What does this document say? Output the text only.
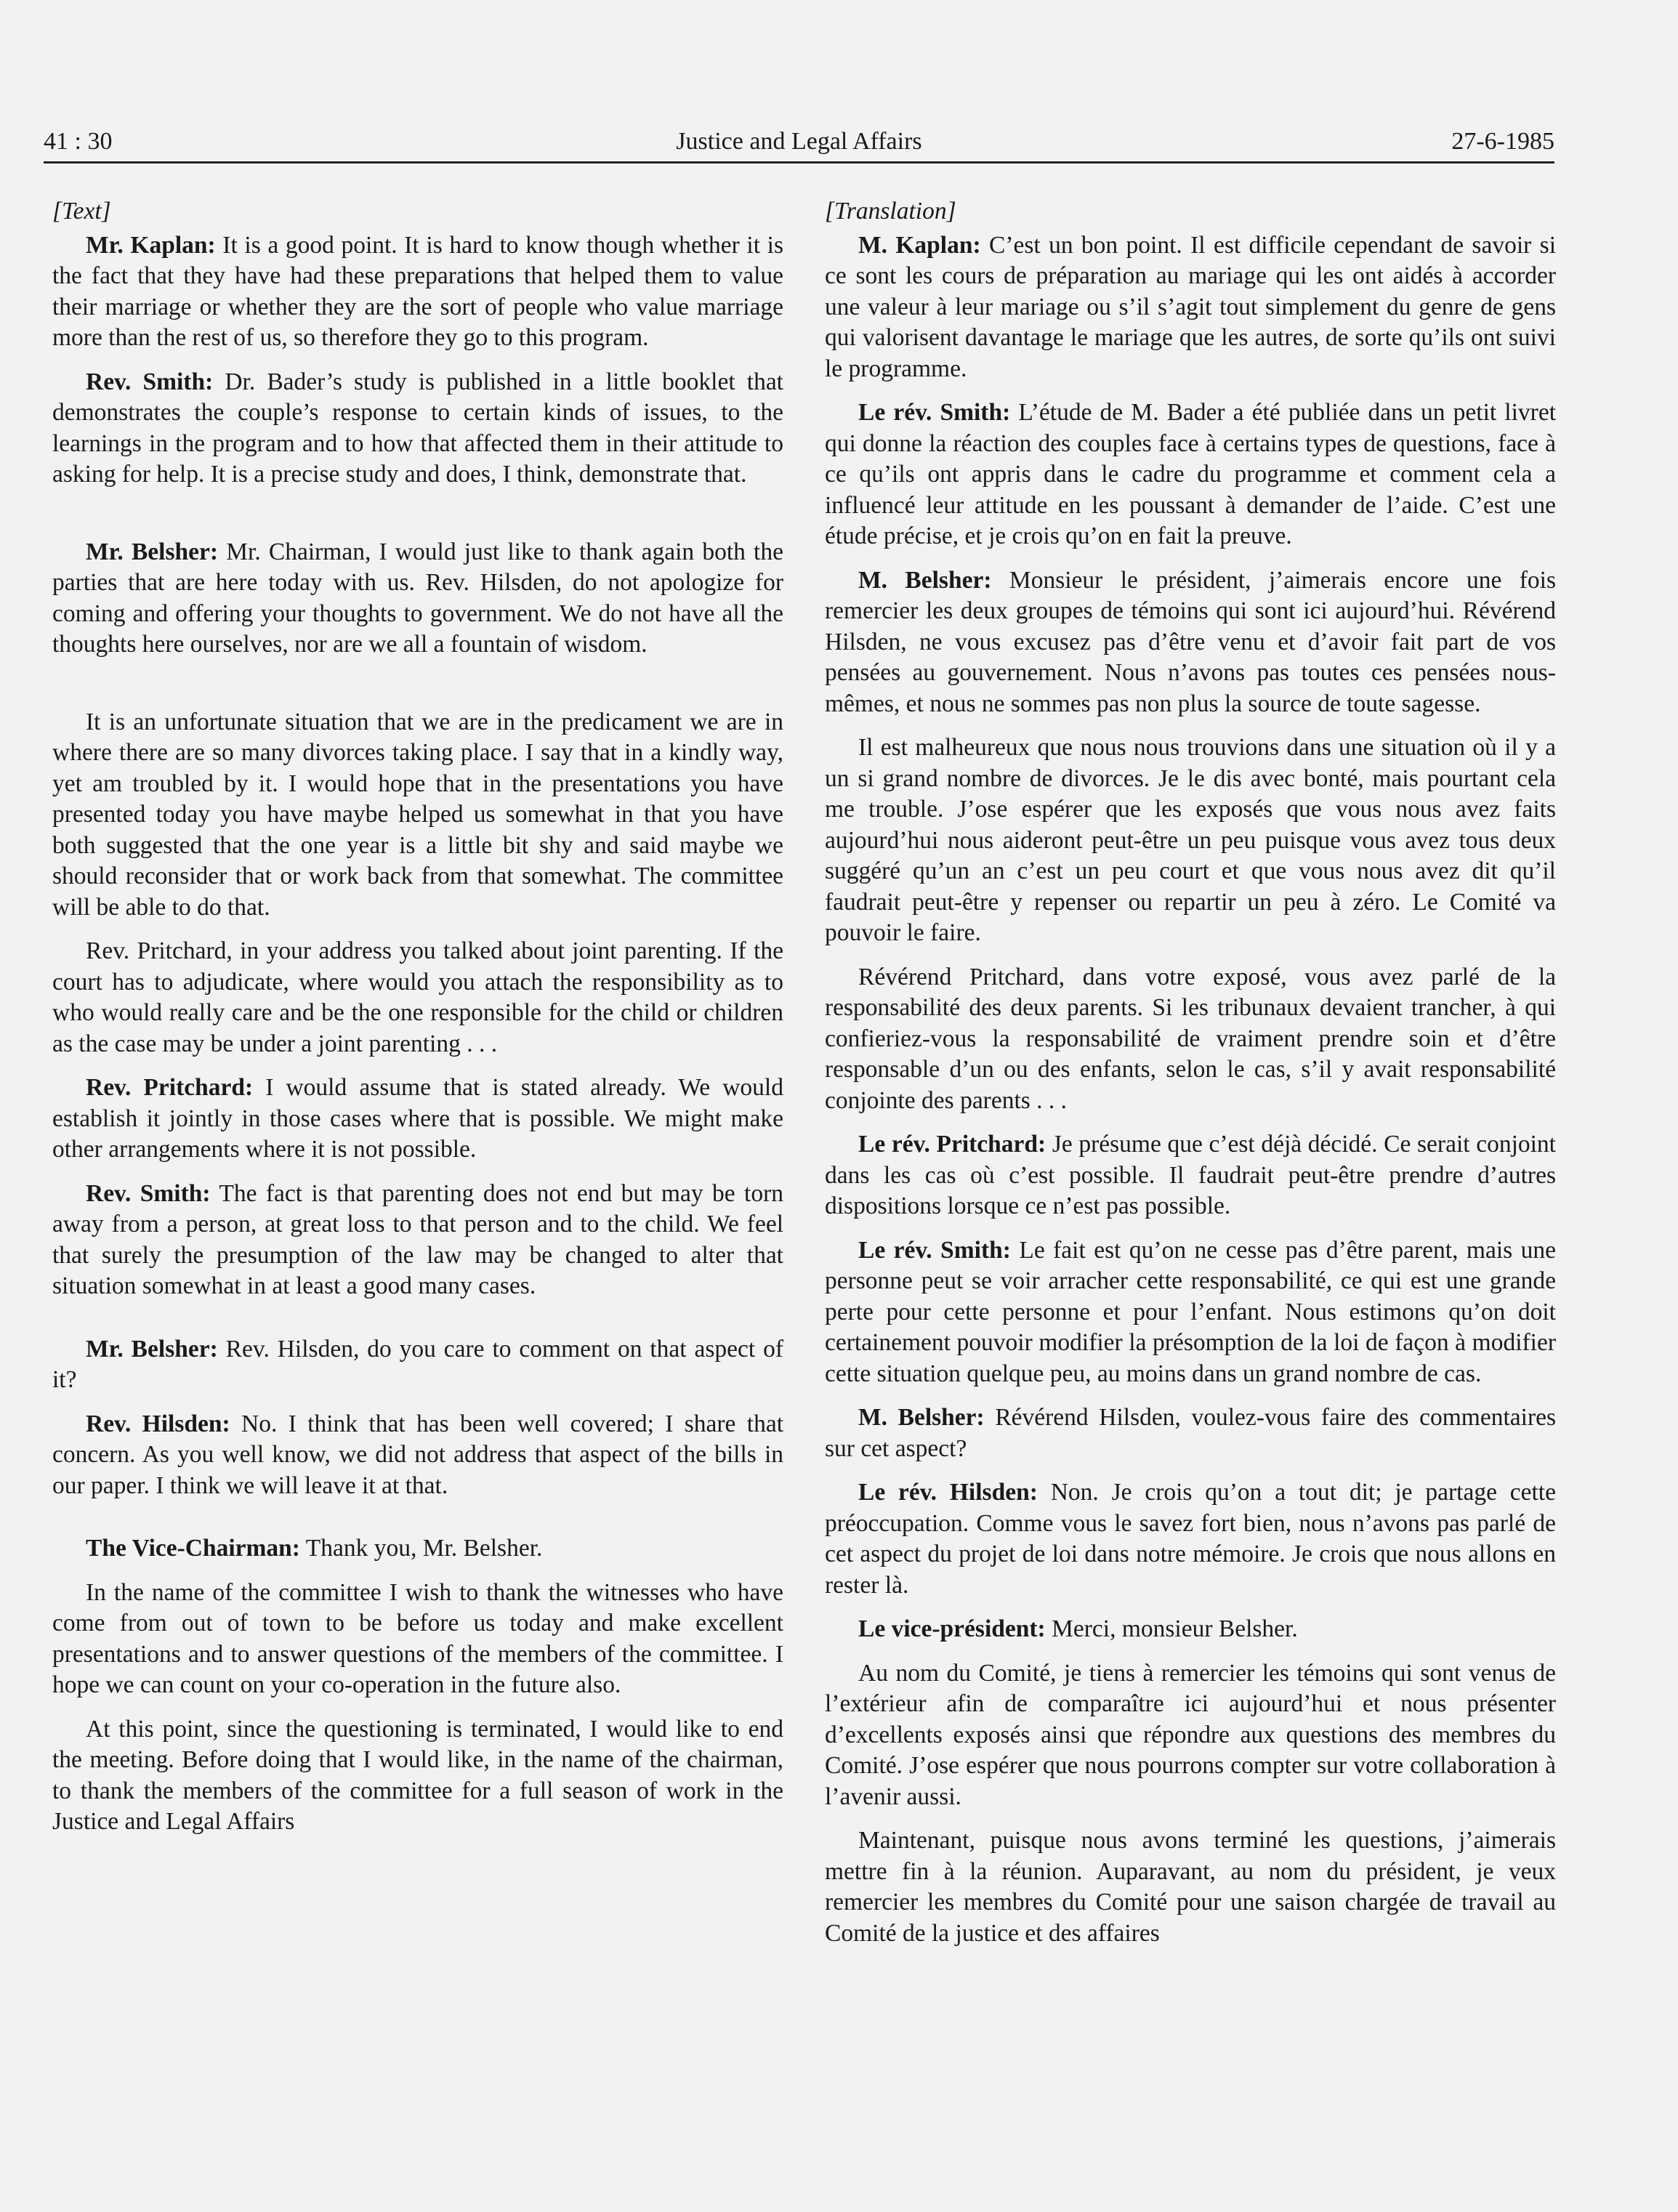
41 : 30	Justice and Legal Affairs	27-6-1985

[Text]

Mr. Kaplan: It is a good point. It is hard to know though whether it is the fact that they have had these preparations that helped them to value their marriage or whether they are the sort of people who value marriage more than the rest of us, so therefore they go to this program.

Rev. Smith: Dr. Bader’s study is published in a little booklet that demonstrates the couple’s response to certain kinds of issues, to the learnings in the program and to how that affected them in their attitude to asking for help. It is a precise study and does, I think, demonstrate that.

Mr. Belsher: Mr. Chairman, I would just like to thank again both the parties that are here today with us. Rev. Hilsden, do not apologize for coming and offering your thoughts to government. We do not have all the thoughts here ourselves, nor are we all a fountain of wisdom.

It is an unfortunate situation that we are in the predicament we are in where there are so many divorces taking place. I say that in a kindly way, yet am troubled by it. I would hope that in the presentations you have presented today you have maybe helped us somewhat in that you have both suggested that the one year is a little bit shy and said maybe we should reconsider that or work back from that somewhat. The committee will be able to do that.

Rev. Pritchard, in your address you talked about joint parenting. If the court has to adjudicate, where would you attach the responsibility as to who would really care and be the one responsible for the child or children as the case may be under a joint parenting . . .

Rev. Pritchard: I would assume that is stated already. We would establish it jointly in those cases where that is possible. We might make other arrangements where it is not possible.

Rev. Smith: The fact is that parenting does not end but may be torn away from a person, at great loss to that person and to the child. We feel that surely the presumption of the law may be changed to alter that situation somewhat in at least a good many cases.

Mr. Belsher: Rev. Hilsden, do you care to comment on that aspect of it?

Rev. Hilsden: No. I think that has been well covered; I share that concern. As you well know, we did not address that aspect of the bills in our paper. I think we will leave it at that.

The Vice-Chairman: Thank you, Mr. Belsher.

In the name of the committee I wish to thank the witnesses who have come from out of town to be before us today and make excellent presentations and to answer questions of the members of the committee. I hope we can count on your co-operation in the future also.

At this point, since the questioning is terminated, I would like to end the meeting. Before doing that I would like, in the name of the chairman, to thank the members of the committee for a full season of work in the Justice and Legal Affairs

[Translation]

M. Kaplan: C’est un bon point. Il est difficile cependant de savoir si ce sont les cours de préparation au mariage qui les ont aidés à accorder une valeur à leur mariage ou s’il s’agit tout simplement du genre de gens qui valorisent davantage le mariage que les autres, de sorte qu’ils ont suivi le programme.

Le rév. Smith: L’étude de M. Bader a été publiée dans un petit livret qui donne la réaction des couples face à certains types de questions, face à ce qu’ils ont appris dans le cadre du programme et comment cela a influencé leur attitude en les poussant à demander de l’aide. C’est une étude précise, et je crois qu’on en fait la preuve.

M. Belsher: Monsieur le président, j’aimerais encore une fois remercier les deux groupes de témoins qui sont ici aujourd’hui. Révérend Hilsden, ne vous excusez pas d’être venu et d’avoir fait part de vos pensées au gouvernement. Nous n’avons pas toutes ces pensées nous-mêmes, et nous ne sommes pas non plus la source de toute sagesse.

Il est malheureux que nous nous trouvions dans une situation où il y a un si grand nombre de divorces. Je le dis avec bonté, mais pourtant cela me trouble. J’ose espérer que les exposés que vous nous avez faits aujourd’hui nous aideront peut-être un peu puisque vous avez tous deux suggéré qu’un an c’est un peu court et que vous nous avez dit qu’il faudrait peut-être y repenser ou repartir un peu à zéro. Le Comité va pouvoir le faire.

Révérend Pritchard, dans votre exposé, vous avez parlé de la responsabilité des deux parents. Si les tribunaux devaient trancher, à qui confieriez-vous la responsabilité de vraiment prendre soin et d’être responsable d’un ou des enfants, selon le cas, s’il y avait responsabilité conjointe des parents . . .

Le rév. Pritchard: Je présume que c’est déjà décidé. Ce serait conjoint dans les cas où c’est possible. Il faudrait peut-être prendre d’autres dispositions lorsque ce n’est pas possible.

Le rév. Smith: Le fait est qu’on ne cesse pas d’être parent, mais une personne peut se voir arracher cette responsabilité, ce qui est une grande perte pour cette personne et pour l’enfant. Nous estimons qu’on doit certainement pouvoir modifier la présomption de la loi de façon à modifier cette situation quelque peu, au moins dans un grand nombre de cas.

M. Belsher: Révérend Hilsden, voulez-vous faire des commentaires sur cet aspect?

Le rév. Hilsden: Non. Je crois qu’on a tout dit; je partage cette préoccupation. Comme vous le savez fort bien, nous n’avons pas parlé de cet aspect du projet de loi dans notre mémoire. Je crois que nous allons en rester là.

Le vice-président: Merci, monsieur Belsher.

Au nom du Comité, je tiens à remercier les témoins qui sont venus de l’extérieur afin de comparaître ici aujourd’hui et nous présenter d’excellents exposés ainsi que répondre aux questions des membres du Comité. J’ose espérer que nous pourrons compter sur votre collaboration à l’avenir aussi.

Maintenant, puisque nous avons terminé les questions, j’aimerais mettre fin à la réunion. Auparavant, au nom du président, je veux remercier les membres du Comité pour une saison chargée de travail au Comité de la justice et des affaires
